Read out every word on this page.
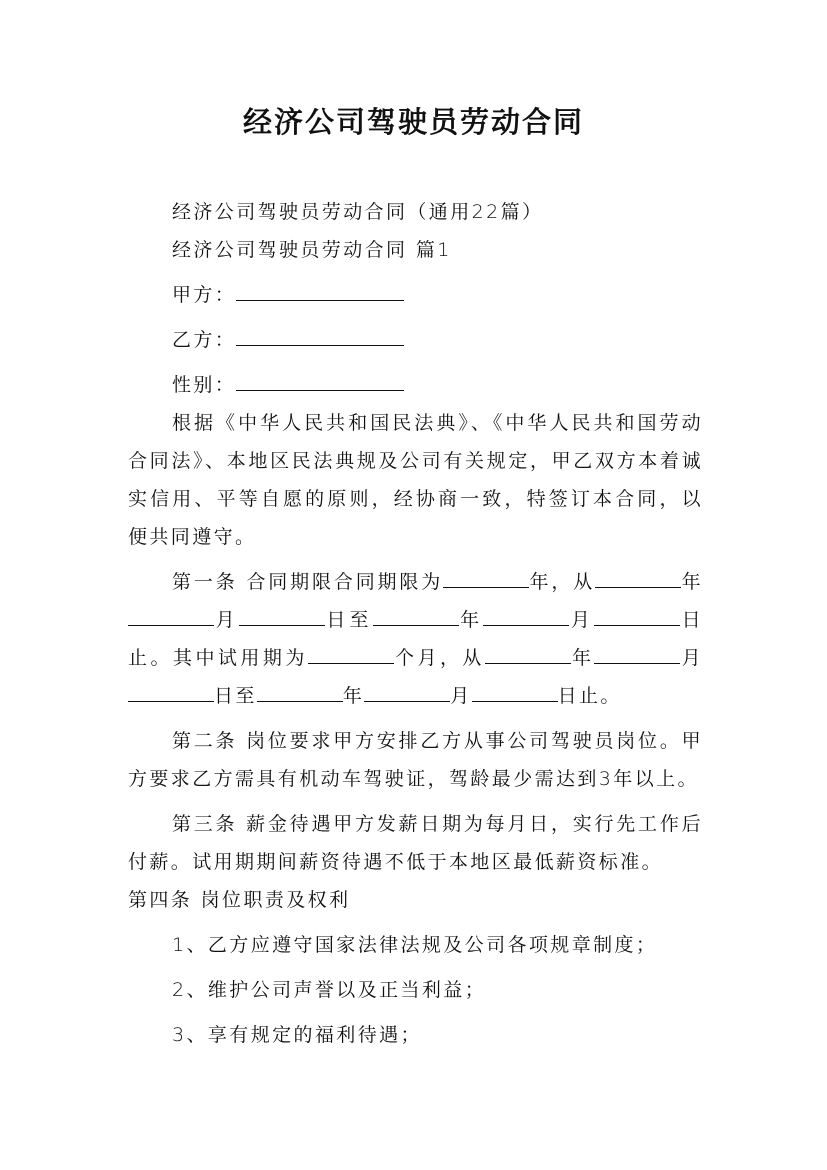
经济公司驾驶员劳动合同

经济公司驾驶员劳动合同（通用22篇）

经济公司驾驶员劳动合同 篇1

甲方：

乙方：

性别：

根据《中华人民共和国民法典》、《中华人民共和国劳动合同法》、本地区民法典规及公司有关规定，甲乙双方本着诚实信用、平等自愿的原则，经协商一致，特签订本合同，以便共同遵守。

第一条 合同期限合同期限为	年，从	年月	日至	年	月	日止。其中试用期为	个月，从	年	月日至	年	月	日止。

第二条 岗位要求甲方安排乙方从事公司驾驶员岗位。甲方要求乙方需具有机动车驾驶证，驾龄最少需达到3年以上。

第三条 薪金待遇甲方发薪日期为每月日，实行先工作后付薪。试用期期间薪资待遇不低于本地区最低薪资标准。

第四条 岗位职责及权利

1、乙方应遵守国家法律法规及公司各项规章制度；

2、维护公司声誉以及正当利益；

3、享有规定的福利待遇；
